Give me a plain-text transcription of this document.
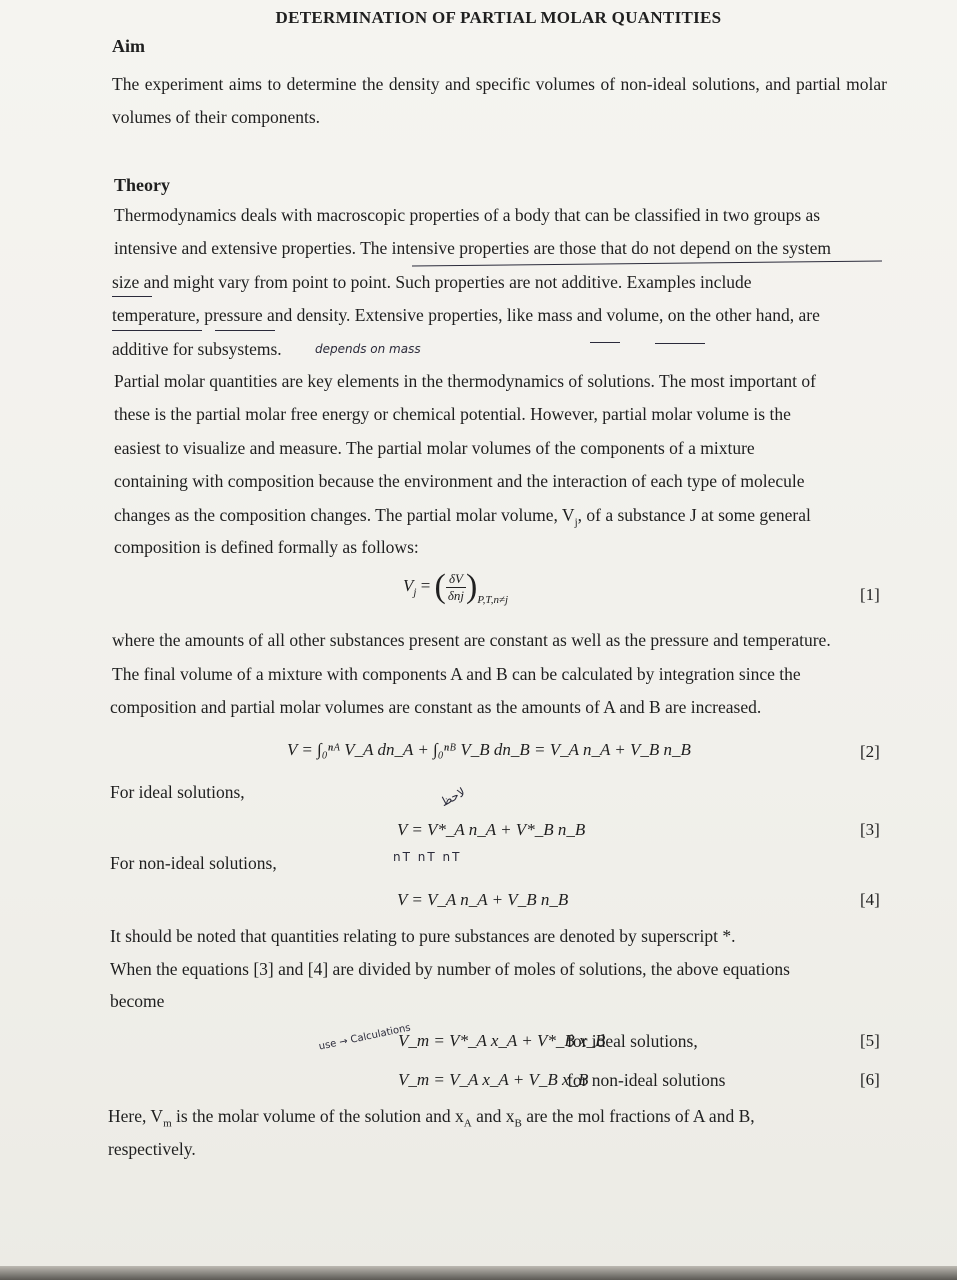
DETERMINATION OF PARTIAL MOLAR QUANTITIES
Aim
The experiment aims to determine the density and specific volumes of non-ideal solutions, and partial molar volumes of their components.
Theory
Thermodynamics deals with macroscopic properties of a body that can be classified in two groups as
intensive and extensive properties. The intensive properties are those that do not depend on the system
size and might vary from point to point. Such properties are not additive. Examples include
temperature, pressure and density. Extensive properties, like mass and volume, on the other hand, are
additive for subsystems.	depends on mass
Partial molar quantities are key elements in the thermodynamics of solutions. The most important of
these is the partial molar free energy or chemical potential. However, partial molar volume is the
easiest to visualize and measure. The partial molar volumes of the components of a mixture
containing with composition because the environment and the interaction of each type of molecule
changes as the composition changes. The partial molar volume, $V_j$, of a substance J at some general
composition is defined formally as follows:
$V_j$ = ( $\frac{\delta V}{\text{δnj}} )_{P,T,n\ne j}$	[1]
where the amounts of all other substances present are constant as well as the pressure and temperature.
The final volume of a mixture with components A and B can be calculated by integration since the
composition and partial molar volumes are constant as the amounts of A and B are increased.
V = ∫₀ⁿᴬ V_A dn_A + ∫₀ⁿᴮ V_B dn_B = V_A n_A + V_B n_B	[2]
For ideal solutions,	لاحظ
V = V*_A n_A + V*_B n_B	[3]
nT nT nT
For non-ideal solutions,
V = V_A n_A + V_B n_B	[4]
It should be noted that quantities relating to pure substances are denoted by superscript *.
When the equations [3] and [4] are divided by number of moles of solutions, the above equations
become
use → Calculations
V_m = V*_A x_A + V*_B x_B
for ideal solutions,	[5]
V_m = V_A x_A + V_B x_B
for non-ideal solutions	[6]
Here, $V_m$ is the molar volume of the solution and $x_A$ and $x_B$ are the mol fractions of A and B,
respectively.
